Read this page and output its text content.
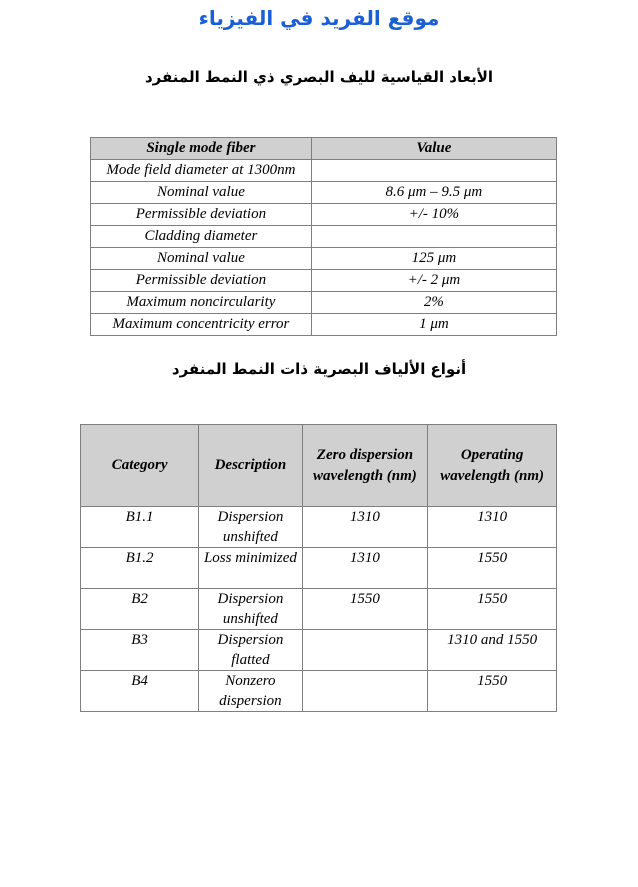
موقع الفريد في الفيزياء
الأبعاد القياسية لليف البصري ذي النمط المنفرد
Single mode fiber	Value
Mode field diameter at 1300nm	
Nominal value	8.6 μm – 9.5 μm
Permissible deviation	+/- 10%
Cladding diameter	
Nominal value	125 μm
Permissible deviation	+/- 2 μm
Maximum noncircularity	2%
Maximum concentricity error	1 μm
أنواع الألياف البصرية ذات النمط المنفرد
Category	Description	Zero dispersion wavelength (nm)	Operating wavelength (nm)
B1.1	Dispersion unshifted	1310	1310
B1.2	Loss minimized	1310	1550
B2	Dispersion unshifted	1550	1550
B3	Dispersion flatted		1310 and 1550
B4	Nonzero dispersion		1550
